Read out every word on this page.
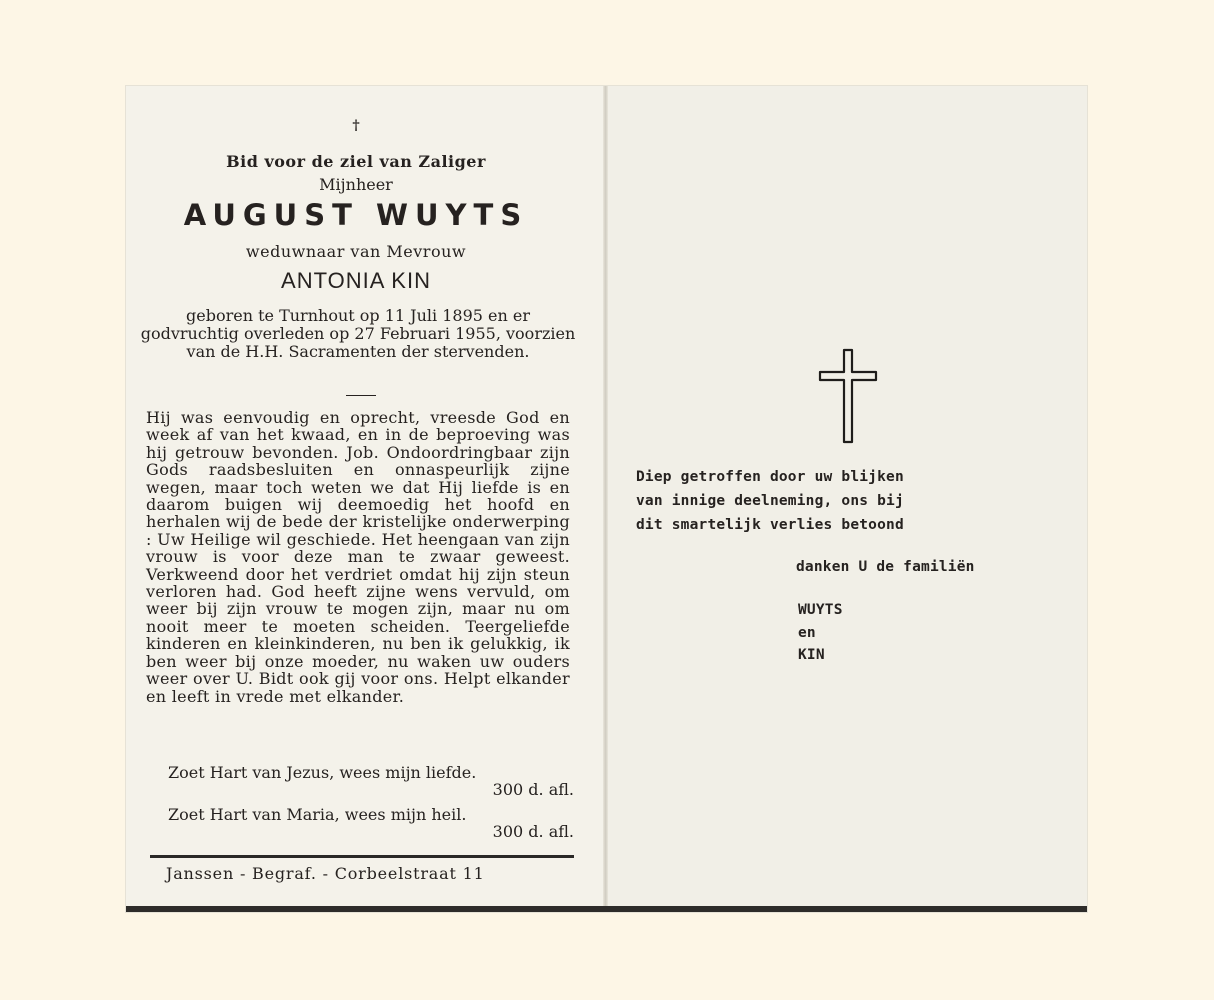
†
Bid voor de ziel van Zaliger
Mijnheer
AUGUST WUYTS
weduwnaar van Mevrouw
ANTONIA KIN
geboren te Turnhout op 11 Juli 1895 en er godvruchtig overleden op 27 Februari 1955, voorzien van de H.H. Sacramenten der stervenden.
Hij was eenvoudig en oprecht, vreesde God en week af van het kwaad, en in de beproeving was hij getrouw bevonden. Job. Ondoordringbaar zijn Gods raadsbesluiten en onnaspeurlijk zijne wegen, maar toch weten we dat Hij liefde is en daarom buigen wij deemoedig het hoofd en herhalen wij de bede der kristelijke onderwerping : Uw Heilige wil geschiede. Het heengaan van zijn vrouw is voor deze man te zwaar geweest. Verkweend door het verdriet omdat hij zijn steun verloren had. God heeft zijne wens vervuld, om weer bij zijn vrouw te mogen zijn, maar nu om nooit meer te moeten scheiden. Teergeliefde kinderen en kleinkinderen, nu ben ik gelukkig, ik ben weer bij onze moeder, nu waken uw ouders weer over U. Bidt ook gij voor ons. Helpt elkander en leeft in vrede met elkander.
Zoet Hart van Jezus, wees mijn liefde.
300 d. afl.
Zoet Hart van Maria, wees mijn heil.
300 d. afl.
Janssen - Begraf. - Corbeelstraat 11
Diep getroffen door uw blijken
van innige deelneming, ons bij
dit smartelijk verlies betoond
danken U de familiën
WUYTS
en
KIN
